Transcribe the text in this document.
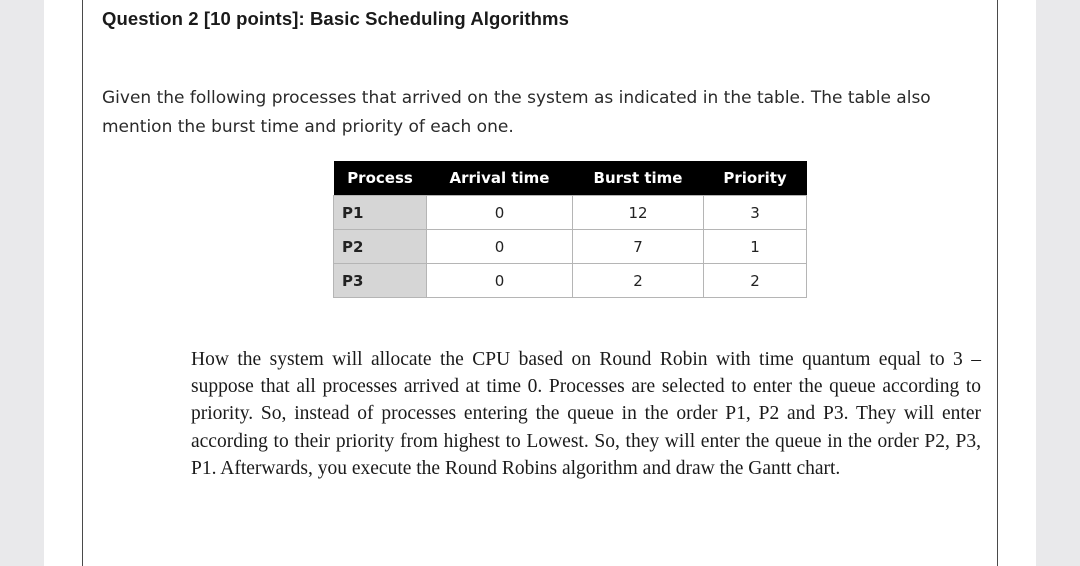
Question 2 [10 points]: Basic Scheduling Algorithms
Given the following processes that arrived on the system as indicated in the table. The table also mention the burst time and priority of each one.
Process	Arrival time	Burst time	Priority
P1	0	12	3
P2	0	7	1
P3	0	2	2
How the system will allocate the CPU based on Round Robin with time quantum equal to 3 – suppose that all processes arrived at time 0. Processes are selected to enter the queue according to priority. So, instead of processes entering the queue in the order P1, P2 and P3. They will enter according to their priority from highest to Lowest. So, they will enter the queue in the order P2, P3, P1. Afterwards, you execute the Round Robins algorithm and draw the Gantt chart.
